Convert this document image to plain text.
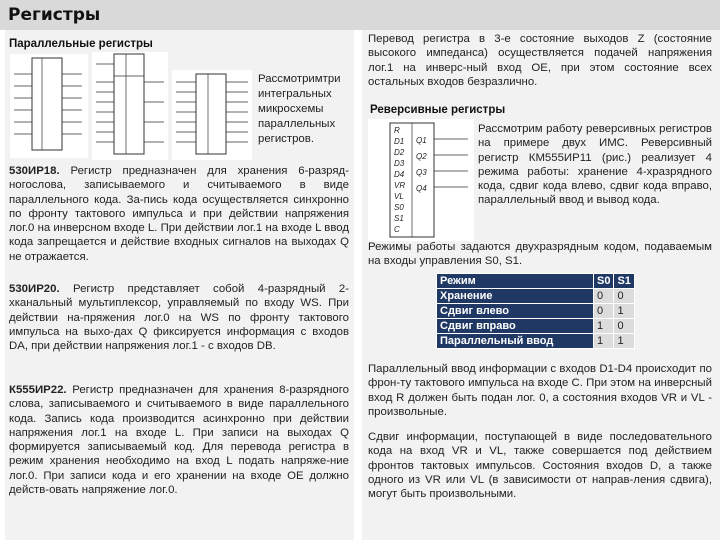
Регистры
Параллельные регистры
Рассмотримтри интегральных микросхемы параллельных регистров.

530ИР18. Регистр предназначен для хранения 6-разряд-ногослова, записываемого и считываемого в виде параллельного кода. За-пись кода осуществляется синхронно по фронту тактового импульса и при действии напряжения лог.0 на инверсном входе L. При действии лог.1 на входе L ввод кода запрещается и действие входных сигналов на выходах Q не отражается.

530ИР20. Регистр представляет собой 4-разрядный 2-хканальный мультиплексор, управляемый по входу WS. При действии на-пряжения лог.0 на WS по фронту тактового импульса на выхо-дах Q фиксируется информация с входов DA, при действии напряжения лог.1 - с входов DB.

К555ИР22. Регистр предназначен для хранения 8-разрядного слова, записываемого и считываемого в виде параллельного кода. Запись кода производится асинхронно при действии напряжения лог.1 на входе L. При записи на выходах Q формируется записываемый код. Для перевода регистра в режим хранения необходимо на вход L подать напряже-ние лог.0. При записи кода и его хранении на входе OE должно действ-овать напряжение лог.0.

Перевод регистра в 3-е состояние выходов Z (состояние высокого импеданса) осуществляется подачей напряжения лог.1 на инверс-ный вход OE, при этом состояние всех остальных входов безразлично.

Реверсивные регистры
R
D1
D2
D3
D4
VR
VL
S0
S1
C
Q1
Q2
Q3
Q4

Рассмотрим работу реверсивных регистров на примере двух ИМС. Реверсивный регистр КМ555ИР11 (рис.) реализует 4 режима работы: хранение 4-хразрядного кода, сдвиг кода влево, сдвиг кода вправо, параллельный ввод и вывод кода.

Режимы работы задаются двухразрядным кодом, подаваемым на входы управления S0, S1.

Режим	S0	S1
Хранение	0	0
Сдвиг влево	0	1
Сдвиг вправо	1	0
Параллельный ввод	1	1

Параллельный ввод информации с входов D1-D4 происходит по фрон-ту тактового импульса на входе C. При этом на инверсный вход R должен быть подан лог. 0, а состояния входов VR и VL - произвольные.

Сдвиг информации, поступающей в виде последовательного кода на вход VR и VL, также совершается под действием фронтов тактовых импульсов. Состояния входов D, а также одного из VR или VL (в зависимости от направ-ления сдвига), могут быть произвольными.
